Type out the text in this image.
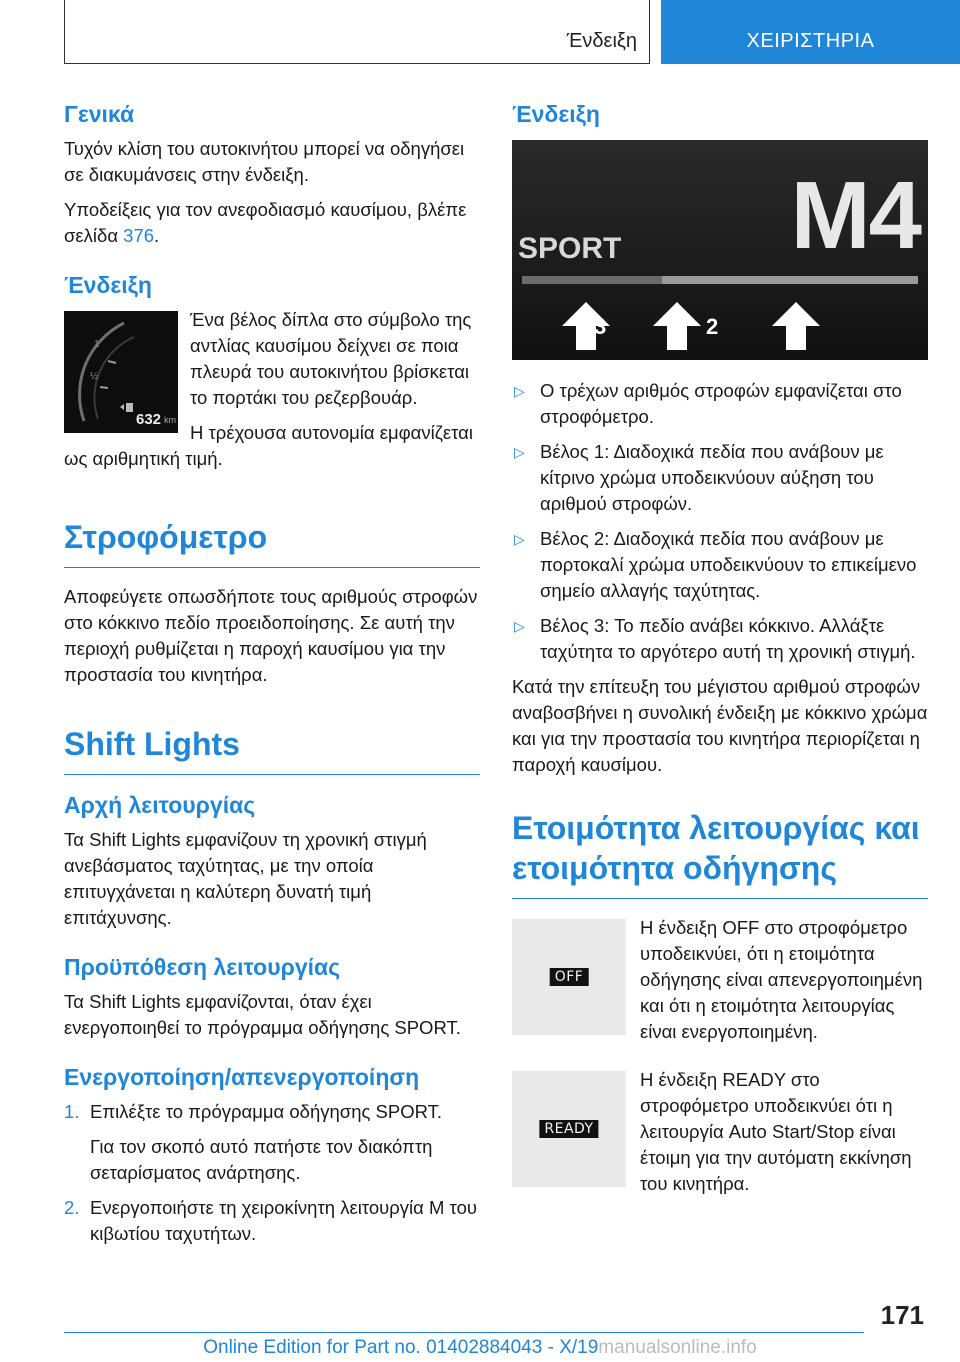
Ένδειξη	ΧΕΙΡΙΣΤΗΡΙΑ
Γενικά

Τυχόν κλίση του αυτοκινήτου μπορεί να οδηγήσει σε διακυμάνσεις στην ένδειξη.

Υποδείξεις για τον ανεφοδιασμό καυσίμου, βλέπε σελίδα 376.

Ένδειξη
1
½
632 km

Ένα βέλος δίπλα στο σύμβολο της αντλίας καυσίμου δείχνει σε ποια πλευρά του αυτοκινήτου βρίσκεται το πορτάκι του ρεζερβουάρ.

Η τρέχουσα αυτονομία εμφανίζεται ως αριθμητική τιμή.

Στροφόμετρο

Αποφεύγετε οπωσδήποτε τους αριθμούς στροφών στο κόκκινο πεδίο προειδοποίησης. Σε αυτή την περιοχή ρυθμίζεται η παροχή καυσίμου για την προστασία του κινητήρα.

Shift Lights
Αρχή λειτουργίας

Τα Shift Lights εμφανίζουν τη χρονική στιγμή ανεβάσματος ταχύτητας, με την οποία επιτυγχάνεται η καλύτερη δυνατή τιμή επιτάχυνσης.

Προϋπόθεση λειτουργίας

Τα Shift Lights εμφανίζονται, όταν έχει ενεργοποιηθεί το πρόγραμμα οδήγησης SPORT.

Ενεργοποίηση/απενεργοποίηση
1. Επιλέξτε το πρόγραμμα οδήγησης SPORT.
Για τον σκοπό αυτό πατήστε τον διακόπτη σεταρίσματος ανάρτησης.
2. Ενεργοποιήστε τη χειροκίνητη λειτουργία M του κιβωτίου ταχυτήτων.
Ένδειξη
M4
SPORT
3	2	1
▷ Ο τρέχων αριθμός στροφών εμφανίζεται στο στροφόμετρο.
▷ Βέλος 1: Διαδοχικά πεδία που ανάβουν με κίτρινο χρώμα υποδεικνύουν αύξηση του αριθμού στροφών.
▷ Βέλος 2: Διαδοχικά πεδία που ανάβουν με πορτοκαλί χρώμα υποδεικνύουν το επικείμενο σημείο αλλαγής ταχύτητας.
▷ Βέλος 3: Το πεδίο ανάβει κόκκινο. Αλλάξτε ταχύτητα το αργότερο αυτή τη χρονική στιγμή.

Κατά την επίτευξη του μέγιστου αριθμού στροφών αναβοσβήνει η συνολική ένδειξη με κόκκινο χρώμα και για την προστασία του κινητήρα περιορίζεται η παροχή καυσίμου.

Ετοιμότητα λειτουργίας και ετοιμότητα οδήγησης
OFF
Η ένδειξη OFF στο στροφόμετρο υποδεικνύει, ότι η ετοιμότητα οδήγησης είναι απενεργοποιημένη και ότι η ετοιμότητα λειτουργίας είναι ενεργοποιημένη.
READY
Η ένδειξη READY στο στροφόμετρο υποδεικνύει ότι η λειτουργία Auto Start/Stop είναι έτοιμη για την αυτόματη εκκίνηση του κινητήρα.
171
Online Edition for Part no. 01402884043 - X/19manualsonline.info
